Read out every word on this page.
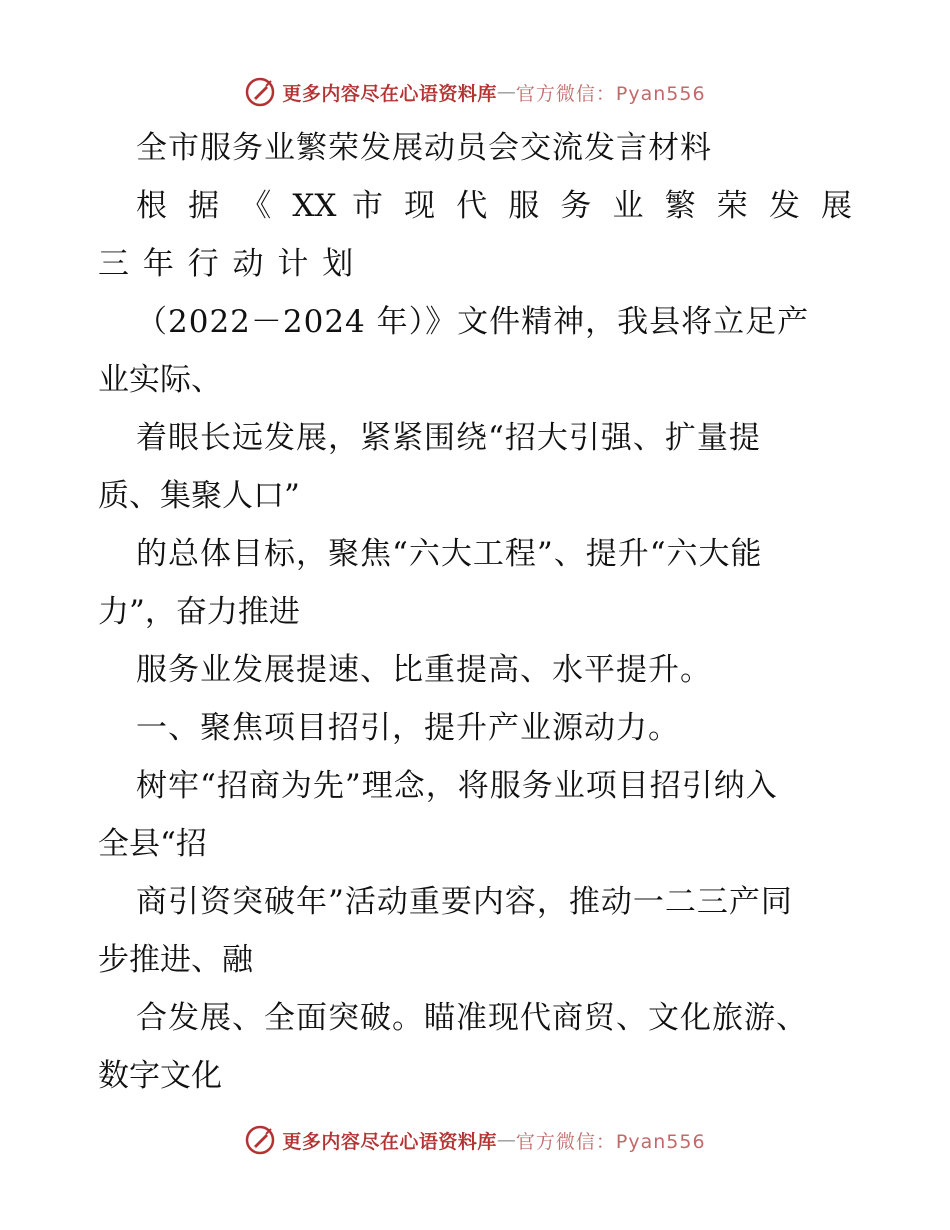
更多内容尽在心语资料库 — 官方微信：Pyan556
全市服务业繁荣发展动员会交流发言材料
根 据 《 XX 市 现 代 服 务 业 繁 荣 发 展
三 年 行 动 计 划
（2022－2024 年）》文件精神，我县将立足产
业实际、
着眼长远发展，紧紧围绕“招大引强、扩量提
质、集聚人口”
的总体目标，聚焦“六大工程”、提升“六大能
力”，奋力推进
服务业发展提速、比重提高、水平提升。
一、聚焦项目招引，提升产业源动力。
树牢“招商为先”理念，将服务业项目招引纳入
全县“招
商引资突破年”活动重要内容，推动一二三产同
步推进、融
合发展、全面突破。瞄准现代商贸、文化旅游、
数字文化
更多内容尽在心语资料库 — 官方微信：Pyan556
